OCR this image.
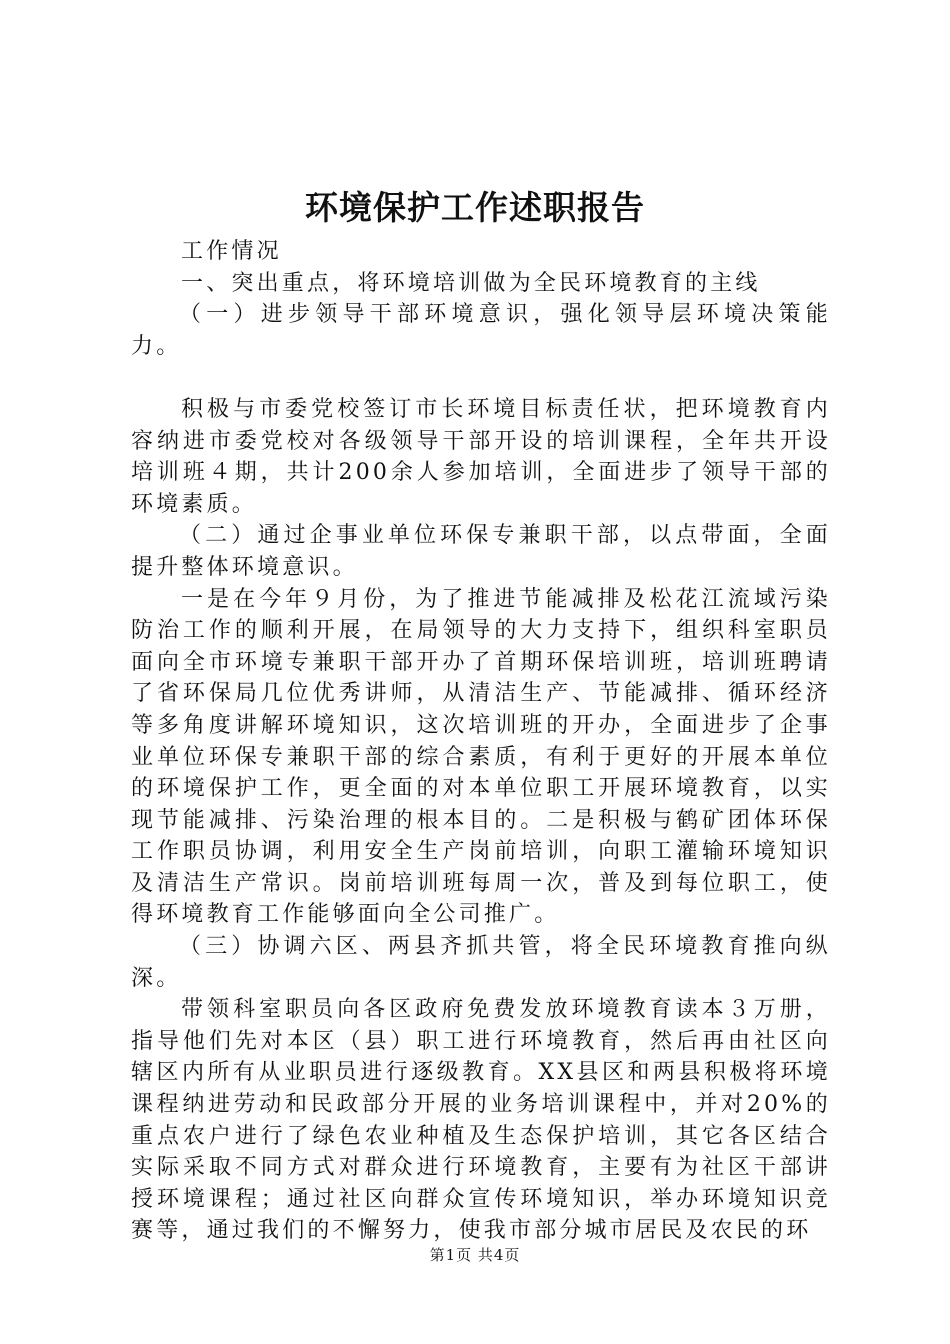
环境保护工作述职报告

工作情况

一、突出重点，将环境培训做为全民环境教育的主线

（一）进步领导干部环境意识，强化领导层环境决策能力。

积极与市委党校签订市长环境目标责任状，把环境教育内容纳进市委党校对各级领导干部开设的培训课程，全年共开设培训班４期，共计200余人参加培训，全面进步了领导干部的环境素质。

（二）通过企事业单位环保专兼职干部，以点带面，全面提升整体环境意识。

一是在今年９月份，为了推进节能减排及松花江流域污染防治工作的顺利开展，在局领导的大力支持下，组织科室职员面向全市环境专兼职干部开办了首期环保培训班，培训班聘请了省环保局几位优秀讲师，从清洁生产、节能减排、循环经济等多角度讲解环境知识，这次培训班的开办，全面进步了企事业单位环保专兼职干部的综合素质，有利于更好的开展本单位的环境保护工作，更全面的对本单位职工开展环境教育，以实现节能减排、污染治理的根本目的。二是积极与鹤矿团体环保工作职员协调，利用安全生产岗前培训，向职工灌输环境知识及清洁生产常识。岗前培训班每周一次，普及到每位职工，使得环境教育工作能够面向全公司推广。

（三）协调六区、两县齐抓共管，将全民环境教育推向纵深。

带领科室职员向各区政府免费发放环境教育读本３万册，指导他们先对本区（县）职工进行环境教育，然后再由社区向辖区内所有从业职员进行逐级教育。XX县区和两县积极将环境课程纳进劳动和民政部分开展的业务培训课程中，并对20%的重点农户进行了绿色农业种植及生态保护培训，其它各区结合实际采取不同方式对群众进行环境教育，主要有为社区干部讲授环境课程；通过社区向群众宣传环境知识，举办环境知识竞赛等，通过我们的不懈努力，使我市部分城市居民及农民的环

第1页 共4页
